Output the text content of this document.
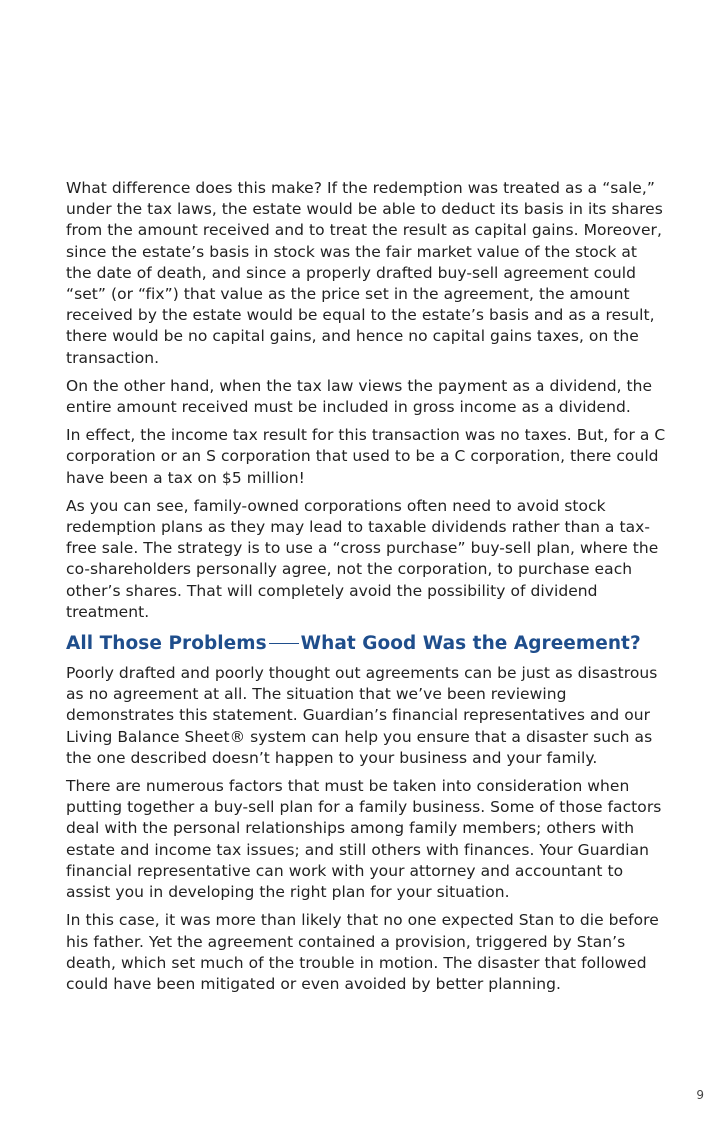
What difference does this make? If the redemption was treated as a “sale,” under the tax laws, the estate would be able to deduct its basis in its shares from the amount received and to treat the result as capital gains. Moreover, since the estate’s basis in stock was the fair market value of the stock at the date of death, and since a properly drafted buy-sell agreement could “set” (or “fix”) that value as the price set in the agreement, the amount received by the estate would be equal to the estate’s basis and as a result, there would be no capital gains, and hence no capital gains taxes, on the transaction.

On the other hand, when the tax law views the payment as a dividend, the entire amount received must be included in gross income as a dividend.

In effect, the income tax result for this transaction was no taxes. But, for a C corporation or an S corporation that used to be a C corporation, there could have been a tax on $5 million!

As you can see, family-owned corporations often need to avoid stock redemption plans as they may lead to taxable dividends rather than a tax-free sale. The strategy is to use a “cross purchase” buy-sell plan, where the co-shareholders personally agree, not the corporation, to purchase each other’s shares. That will completely avoid the possibility of dividend treatment.

All Those Problems What Good Was the Agreement?

Poorly drafted and poorly thought out agreements can be just as disastrous as no agreement at all. The situation that we’ve been reviewing demonstrates this statement. Guardian’s financial representatives and our Living Balance Sheet® system can help you ensure that a disaster such as the one described doesn’t happen to your business and your family.

There are numerous factors that must be taken into consideration when putting together a buy-sell plan for a family business. Some of those factors deal with the personal relationships among family members; others with estate and income tax issues; and still others with finances. Your Guardian financial representative can work with your attorney and accountant to assist you in developing the right plan for your situation.

In this case, it was more than likely that no one expected Stan to die before his father. Yet the agreement contained a provision, triggered by Stan’s death, which set much of the trouble in motion. The disaster that followed could have been mitigated or even avoided by better planning.

9
